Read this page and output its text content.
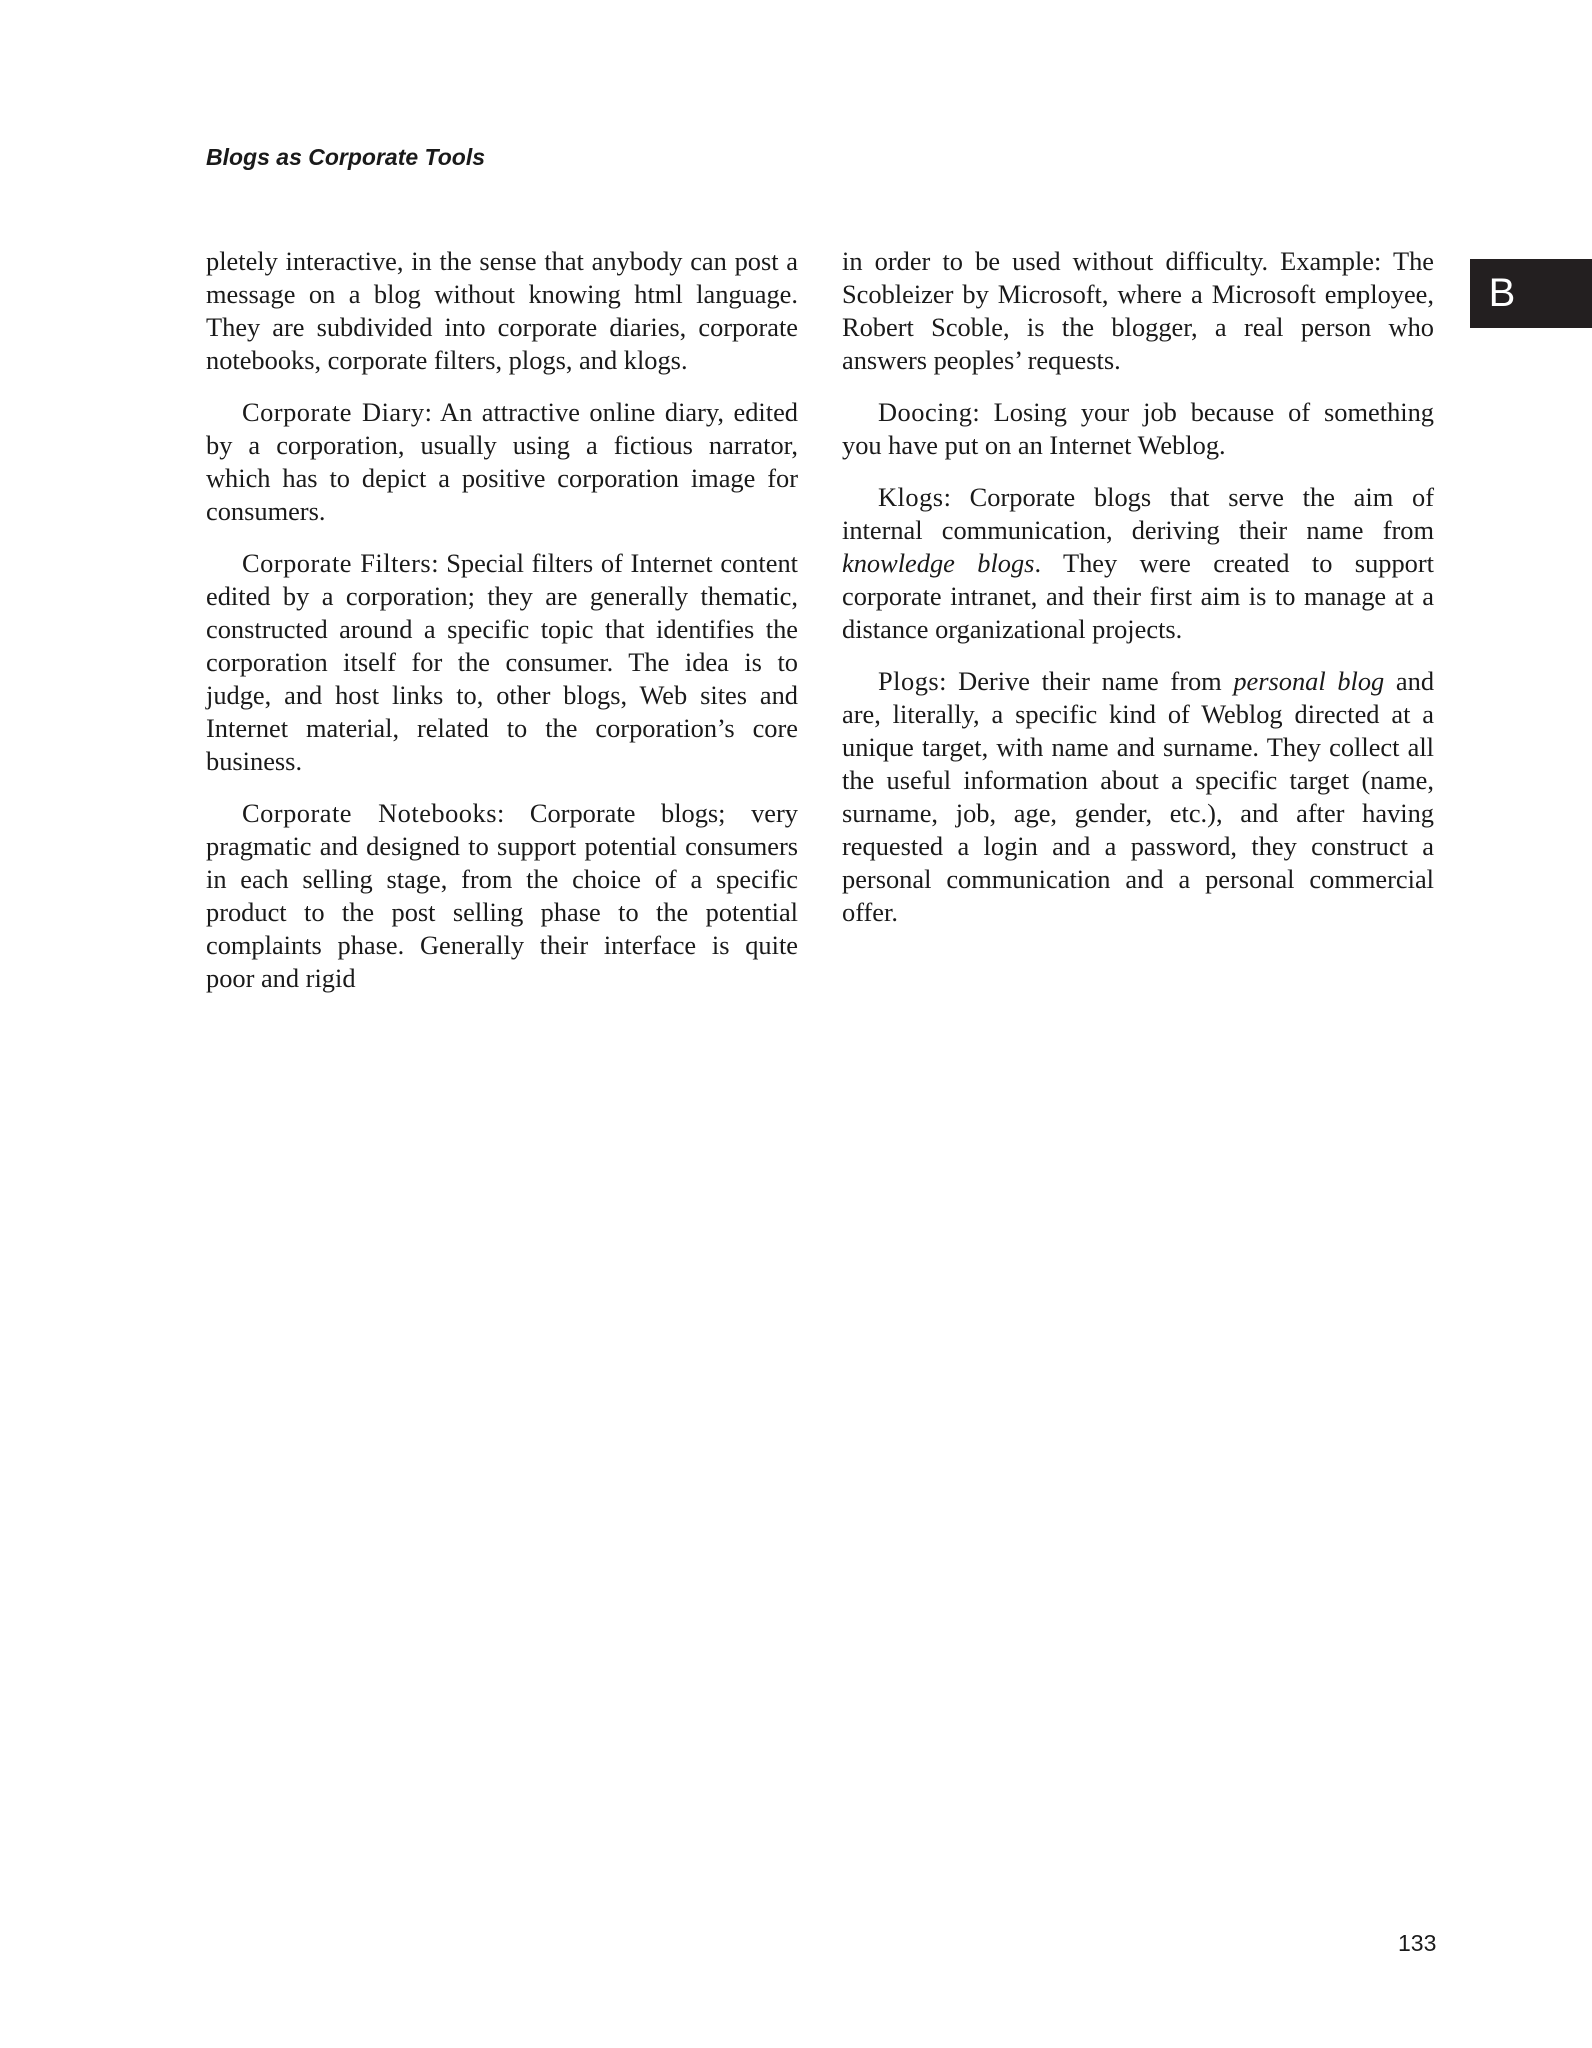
Blogs as Corporate Tools
B

pletely interactive, in the sense that anybody can post a message on a blog without knowing html language. They are subdivided into corporate diaries, corporate notebooks, corporate filters, plogs, and klogs.

Corporate Diary: An attractive online diary, edited by a corporation, usually using a fictious narrator, which has to depict a positive corporation image for consumers.

Corporate Filters: Special filters of Internet content edited by a corporation; they are generally thematic, constructed around a specific topic that identifies the corporation itself for the consumer. The idea is to judge, and host links to, other blogs, Web sites and Internet material, related to the corporation’s core business.

Corporate Notebooks: Corporate blogs; very pragmatic and designed to support potential consumers in each selling stage, from the choice of a specific product to the post selling phase to the potential complaints phase. Generally their interface is quite poor and rigid

in order to be used without difficulty. Example: The Scobleizer by Microsoft, where a Microsoft employee, Robert Scoble, is the blogger, a real person who answers peoples’ requests.

Doocing: Losing your job because of something you have put on an Internet Weblog.

Klogs: Corporate blogs that serve the aim of internal communication, deriving their name from knowledge blogs. They were created to support corporate intranet, and their first aim is to manage at a distance organizational projects.

Plogs: Derive their name from personal blog and are, literally, a specific kind of Weblog directed at a unique target, with name and surname. They collect all the useful information about a specific target (name, surname, job, age, gender, etc.), and after having requested a login and a password, they construct a personal communication and a personal commercial offer.

133
